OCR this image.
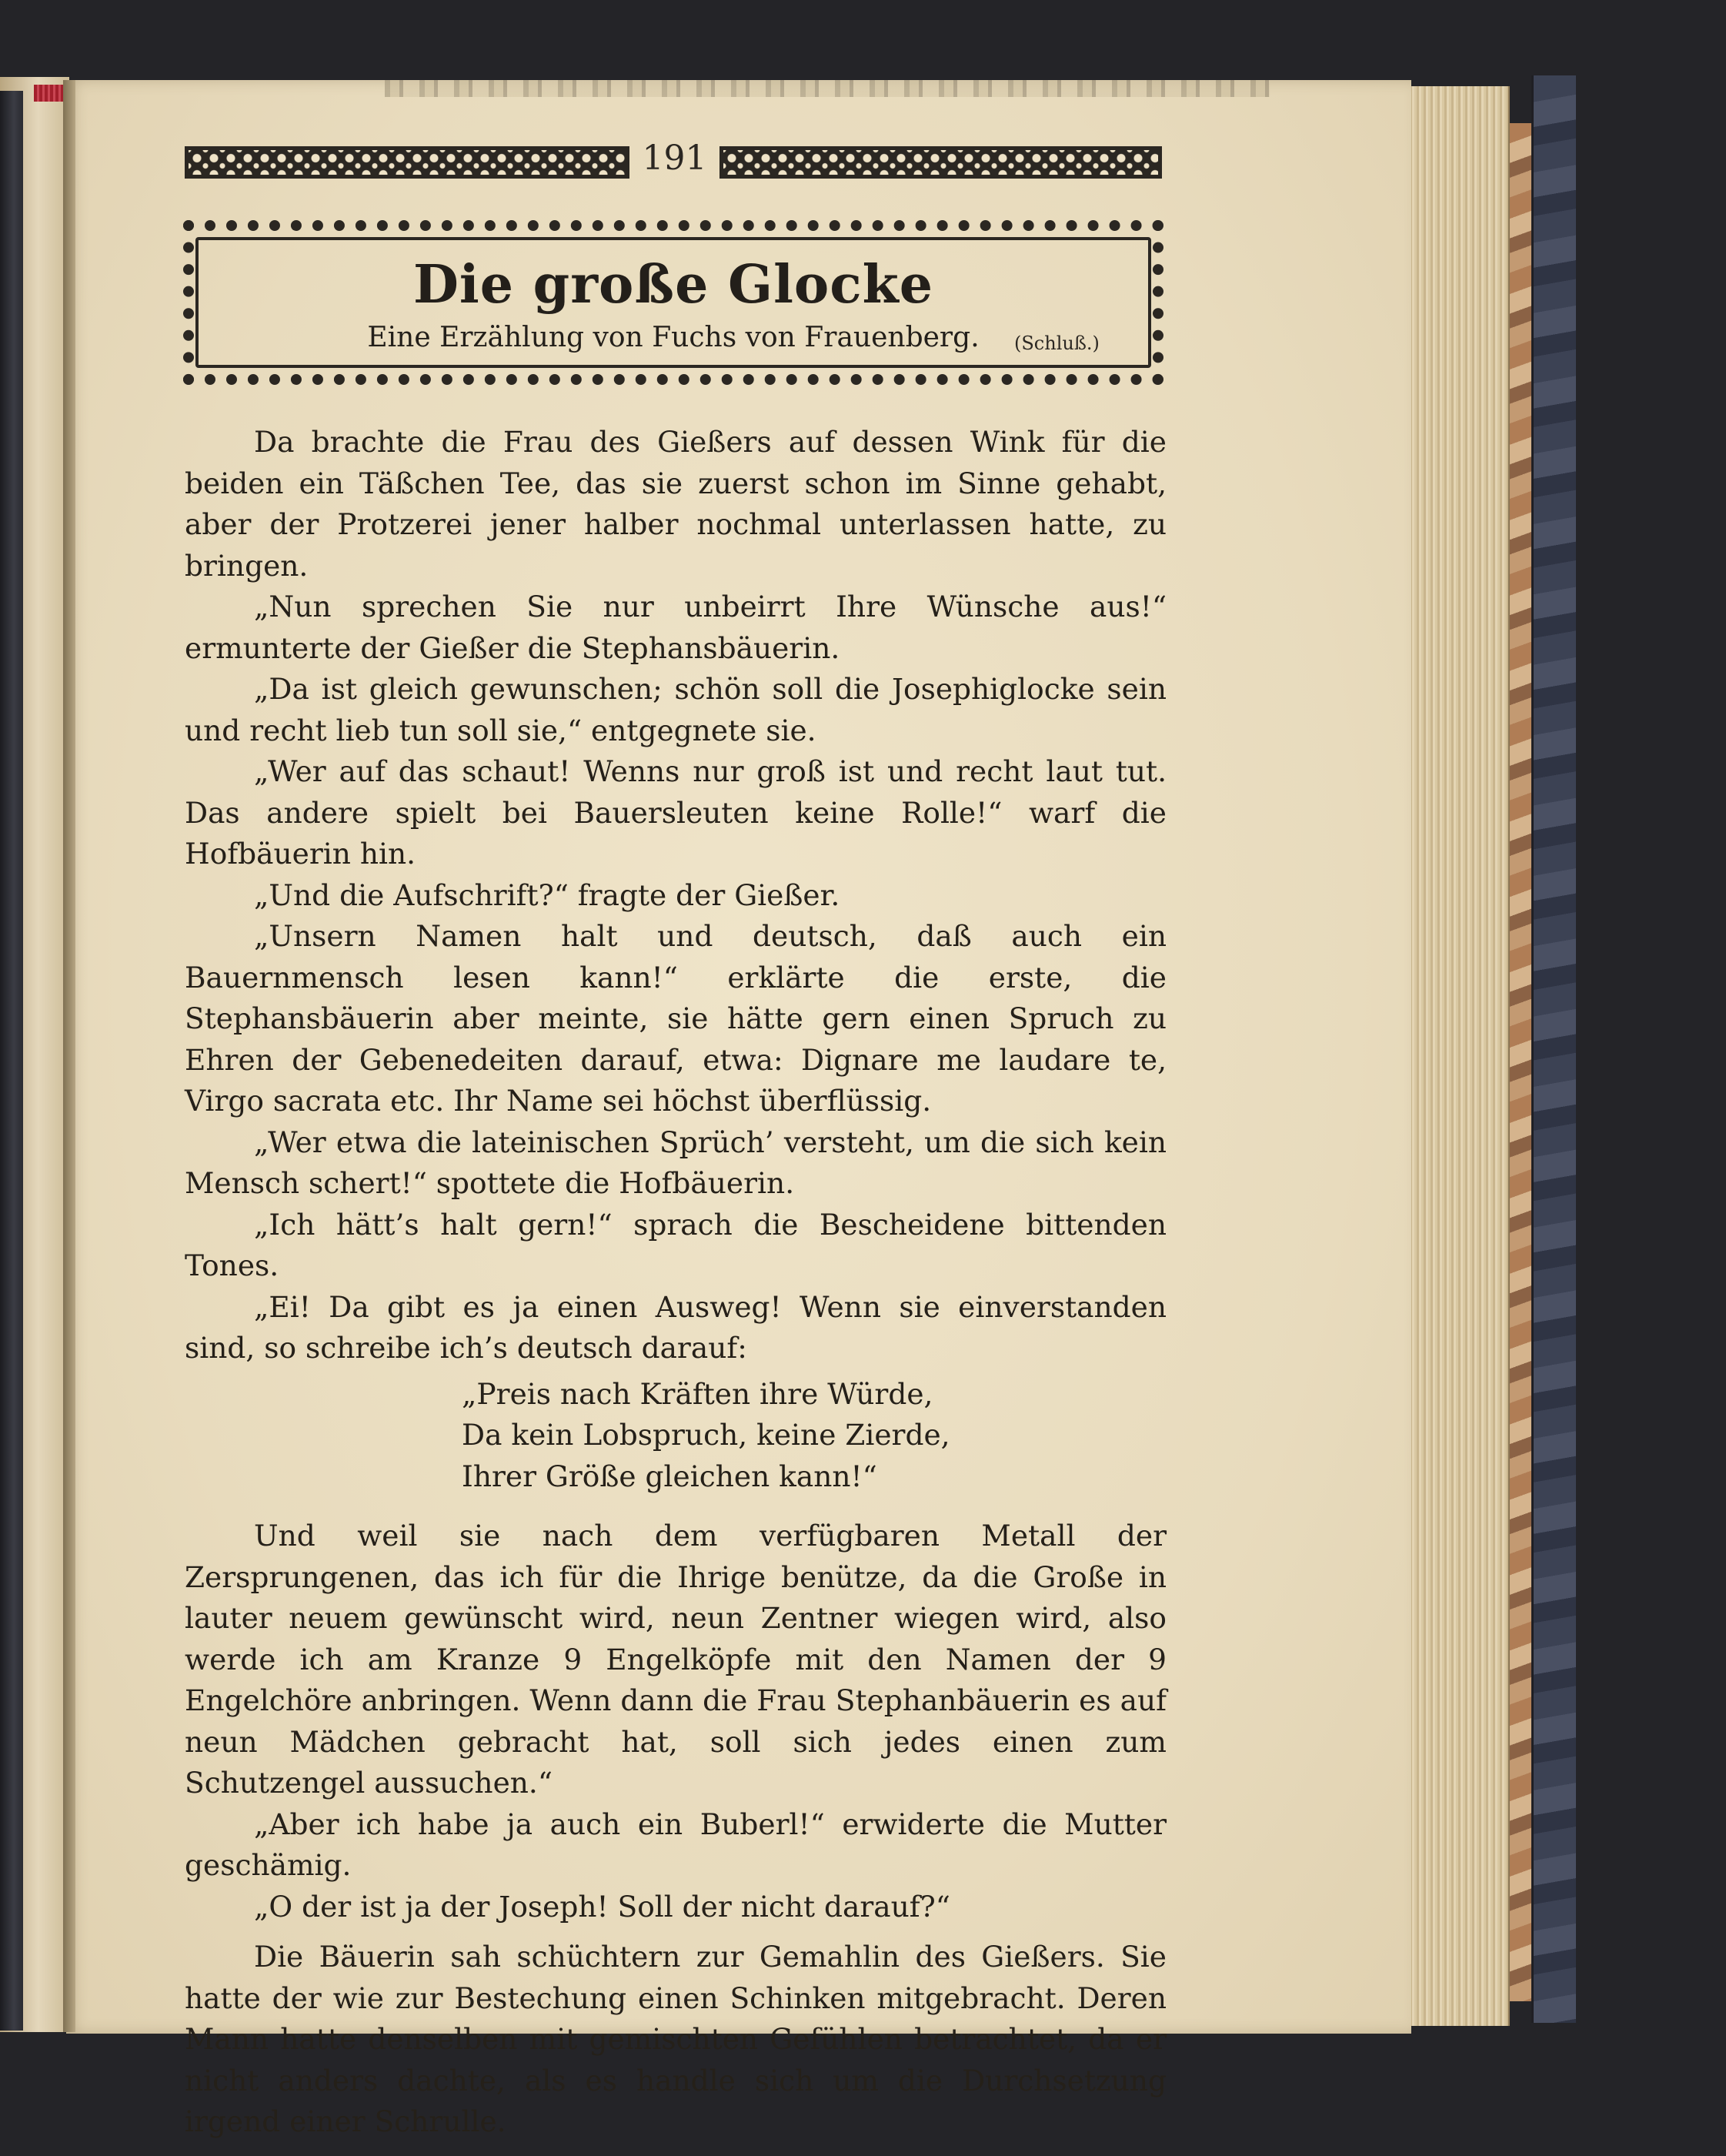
191
Die große Glocke
Eine Erzählung von Fuchs von Frauenberg.	(Schluß.)

Da brachte die Frau des Gießers auf dessen Wink für die beiden ein Täßchen Tee, das sie zuerst schon im Sinne gehabt, aber der Protzerei jener halber nochmal unterlassen hatte, zu bringen.

„Nun sprechen Sie nur unbeirrt Ihre Wünsche aus!“ ermunterte der Gießer die Stephansbäuerin.

„Da ist gleich gewunschen; schön soll die Josephiglocke sein und recht lieb tun soll sie,“ entgegnete sie.

„Wer auf das schaut! Wenns nur groß ist und recht laut tut. Das andere spielt bei Bauersleuten keine Rolle!“ warf die Hofbäuerin hin.

„Und die Aufschrift?“ fragte der Gießer.

„Unsern Namen halt und deutsch, daß auch ein Bauernmensch lesen kann!“ erklärte die erste, die Stephansbäuerin aber meinte, sie hätte gern einen Spruch zu Ehren der Gebenedeiten darauf, etwa: Dignare me laudare te, Virgo sacrata etc. Ihr Name sei höchst überflüssig.

„Wer etwa die lateinischen Sprüch’ versteht, um die sich kein Mensch schert!“ spottete die Hofbäuerin.

„Ich hätt’s halt gern!“ sprach die Bescheidene bittenden Tones.

„Ei! Da gibt es ja einen Ausweg! Wenn sie einverstanden sind, so schreibe ich’s deutsch darauf:

„Preis nach Kräften ihre Würde,
Da kein Lobspruch, keine Zierde,
Ihrer Größe gleichen kann!“

Und weil sie nach dem verfügbaren Metall der Zersprungenen, das ich für die Ihrige benütze, da die Große in lauter neuem gewünscht wird, neun Zentner wiegen wird, also werde ich am Kranze 9 Engelköpfe mit den Namen der 9 Engelchöre anbringen. Wenn dann die Frau Stephanbäuerin es auf neun Mädchen gebracht hat, soll sich jedes einen zum Schutzengel aussuchen.“

„Aber ich habe ja auch ein Buberl!“ erwiderte die Mutter geschämig.

„O der ist ja der Joseph! Soll der nicht darauf?“

Die Bäuerin sah schüchtern zur Gemahlin des Gießers. Sie hatte der wie zur Bestechung einen Schinken mitgebracht. Deren Mann hatte denselben mit gemischten Gefühlen betrachtet, da er nicht anders dachte, als es handle sich um die Durchsetzung irgend einer Schrulle.
